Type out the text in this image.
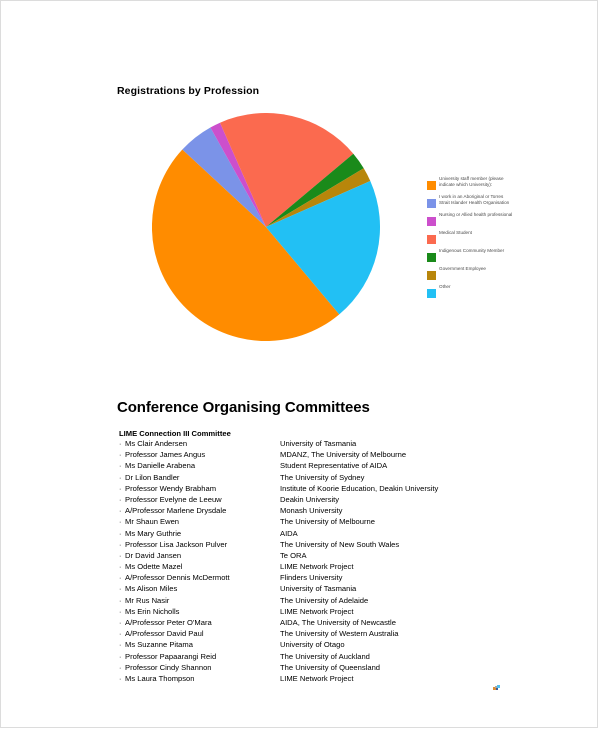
Registrations by Profession
University staff member (please indicate which University):
I work in an Aboriginal or Torres Strait Islander Health Organisation
Nursing or Allied health professional
Medical Student
Indigenous Community Member
Government Employee
Other
Conference Organising Committees
LIME Connection III Committee
· Ms Clair Andersen	University of Tasmania
· Professor James Angus	MDANZ, The University of Melbourne
· Ms Danielle Arabena	Student Representative of AIDA
· Dr Lilon Bandler	The University of Sydney
· Professor Wendy Brabham	Institute of Koorie Education, Deakin University
· Professor Evelyne de Leeuw	Deakin University
· A/Professor Marlene Drysdale	Monash University
· Mr Shaun Ewen	The University of Melbourne
· Ms Mary Guthrie	AIDA
· Professor Lisa Jackson Pulver	The University of New South Wales
· Dr David Jansen	Te ORA
· Ms Odette Mazel	LIME Network Project
· A/Professor Dennis McDermott	Flinders University
· Ms Alison Miles	University of Tasmania
· Mr Rus Nasir	The University of Adelaide
· Ms Erin Nicholls	LIME Network Project
· A/Professor Peter O'Mara	AIDA, The University of Newcastle
· A/Professor David Paul	The University of Western Australia
· Ms Suzanne Pitama	University of Otago
· Professor Papaarangi Reid	The University of Auckland
· Professor Cindy Shannon	The University of Queensland
· Ms Laura Thompson	LIME Network Project
